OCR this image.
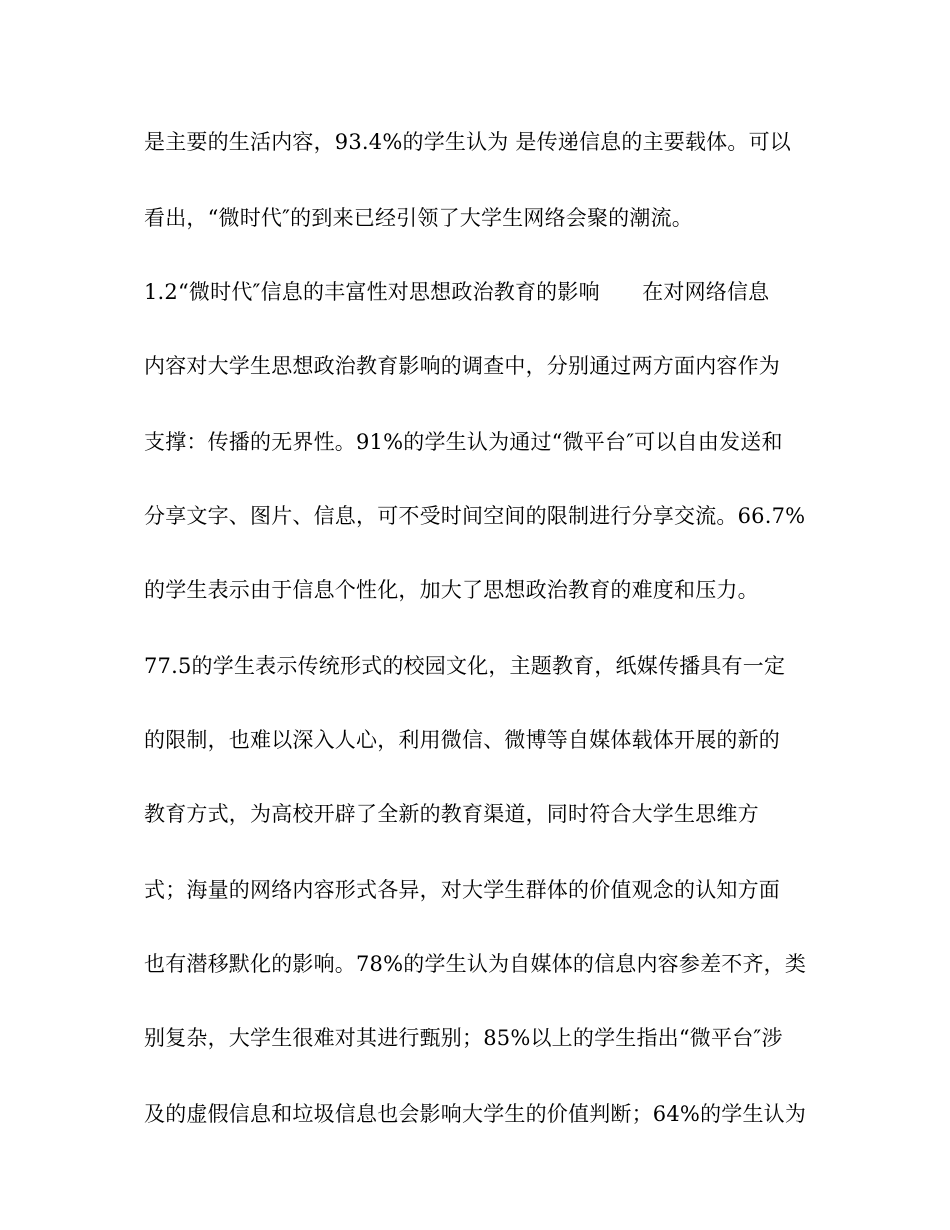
是主要的生活内容，93.4%的学生认为 是传递信息的主要载体。可以
看出，“微时代″的到来已经引领了大学生网络会聚的潮流。
1.2“微时代″信息的丰富性对思想政治教育的影响　　在对网络信息
内容对大学生思想政治教育影响的调查中，分别通过两方面内容作为
支撑：传播的无界性。91%的学生认为通过“微平台″可以自由发送和
分享文字、图片、信息，可不受时间空间的限制进行分享交流。66.7%
的学生表示由于信息个性化，加大了思想政治教育的难度和压力。
77.5的学生表示传统形式的校园文化，主题教育，纸媒传播具有一定
的限制，也难以深入人心，利用微信、微博等自媒体载体开展的新的
教育方式，为高校开辟了全新的教育渠道，同时符合大学生思维方
式；海量的网络内容形式各异，对大学生群体的价值观念的认知方面
也有潜移默化的影响。78%的学生认为自媒体的信息内容参差不齐，类
别复杂，大学生很难对其进行甄别；85%以上的学生指出“微平台″涉
及的虚假信息和垃圾信息也会影响大学生的价值判断；64%的学生认为
